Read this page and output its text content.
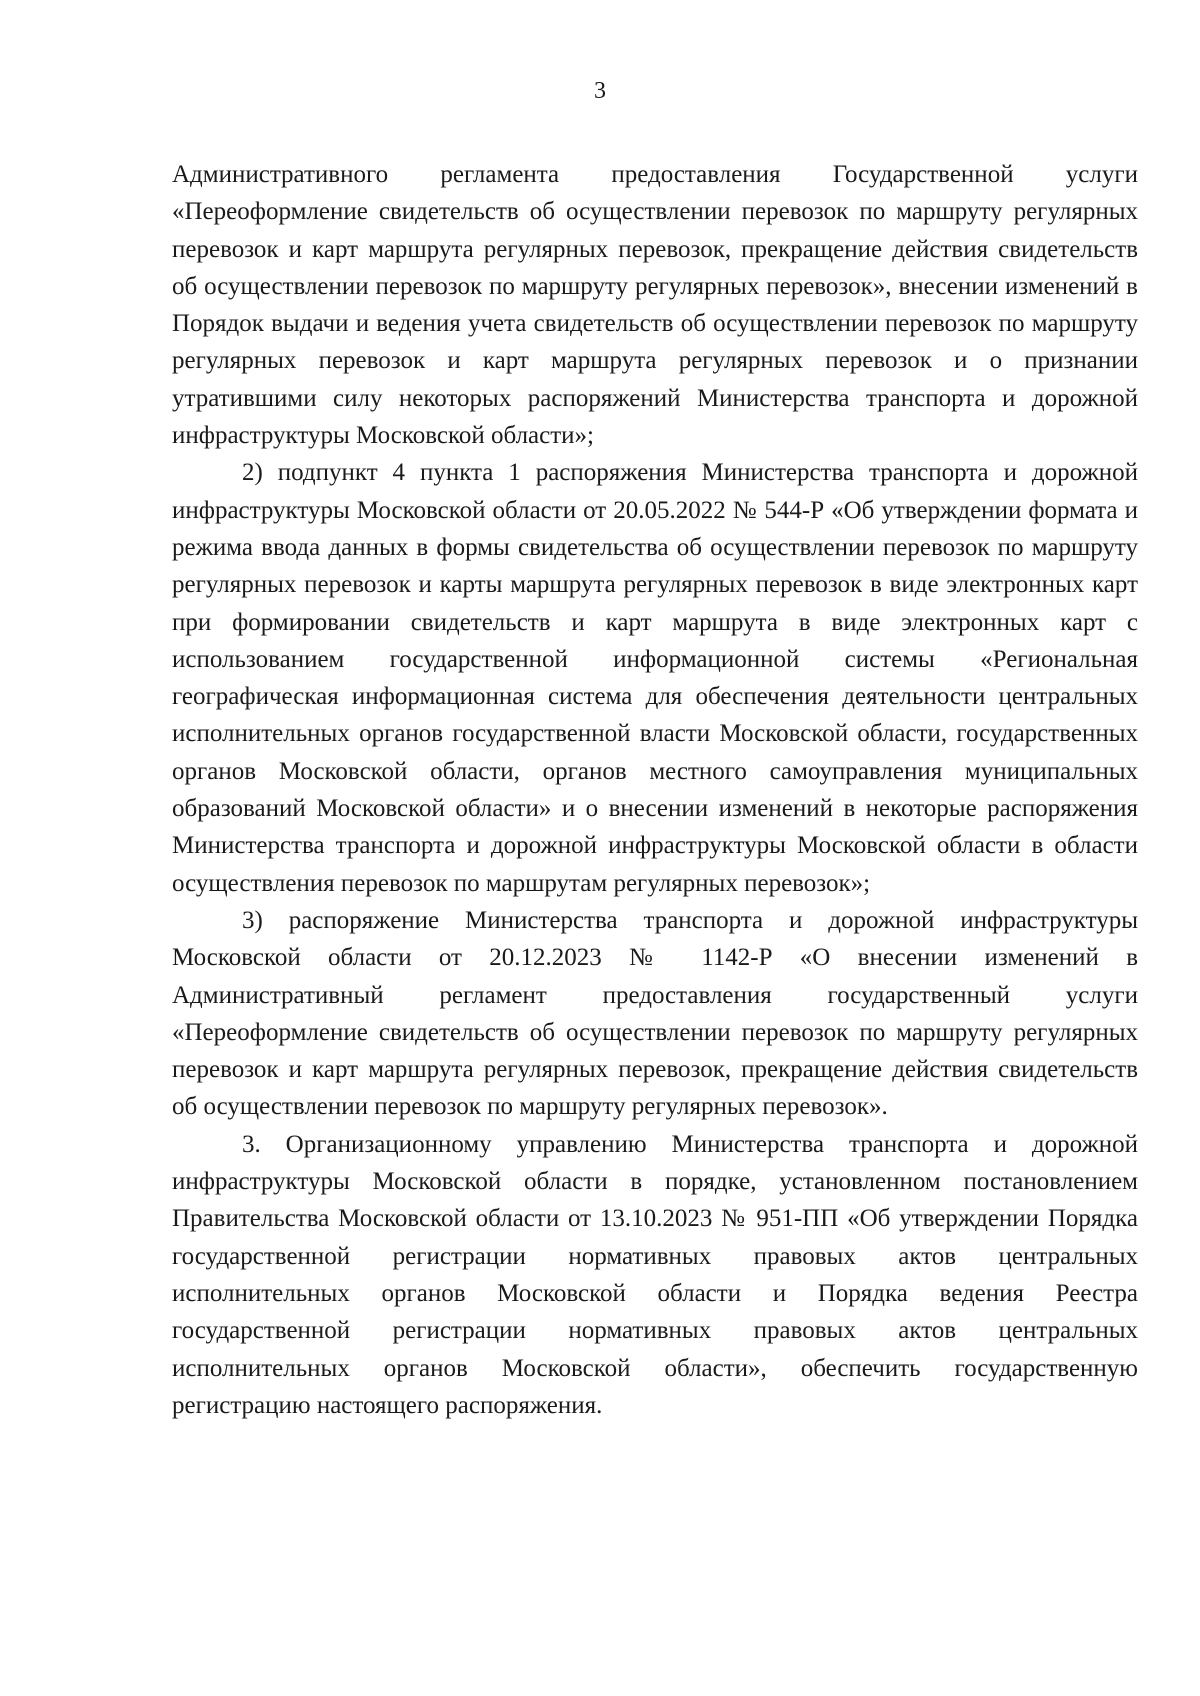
3

Административного регламента предоставления Государственной услуги «Переоформление свидетельств об осуществлении перевозок по маршруту регулярных перевозок и карт маршрута регулярных перевозок, прекращение действия свидетельств об осуществлении перевозок по маршруту регулярных перевозок», внесении изменений в Порядок выдачи и ведения учета свидетельств об осуществлении перевозок по маршруту регулярных перевозок и карт маршрута регулярных перевозок и о признании утратившими силу некоторых распоряжений Министерства транспорта и дорожной инфраструктуры Московской области»;

2) подпункт 4 пункта 1 распоряжения Министерства транспорта и дорожной инфраструктуры Московской области от 20.05.2022 № 544-Р «Об утверждении формата и режима ввода данных в формы свидетельства об осуществлении перевозок по маршруту регулярных перевозок и карты маршрута регулярных перевозок в виде электронных карт при формировании свидетельств и карт маршрута в виде электронных карт с использованием государственной информационной системы «Региональная географическая информационная система для обеспечения деятельности центральных исполнительных органов государственной власти Московской области, государственных органов Московской области, органов местного самоуправления муниципальных образований Московской области» и о внесении изменений в некоторые распоряжения Министерства транспорта и дорожной инфраструктуры Московской области в области осуществления перевозок по маршрутам регулярных перевозок»;

3) распоряжение Министерства транспорта и дорожной инфраструктуры Московской области от 20.12.2023 № 1142-Р «О внесении изменений в Административный регламент предоставления государственный услуги «Переоформление свидетельств об осуществлении перевозок по маршруту регулярных перевозок и карт маршрута регулярных перевозок, прекращение действия свидетельств об осуществлении перевозок по маршруту регулярных перевозок».

3. Организационному управлению Министерства транспорта и дорожной инфраструктуры Московской области в порядке, установленном постановлением Правительства Московской области от 13.10.2023 № 951-ПП «Об утверждении Порядка государственной регистрации нормативных правовых актов центральных исполнительных органов Московской области и Порядка ведения Реестра государственной регистрации нормативных правовых актов центральных исполнительных органов Московской области», обеспечить государственную регистрацию настоящего распоряжения.
